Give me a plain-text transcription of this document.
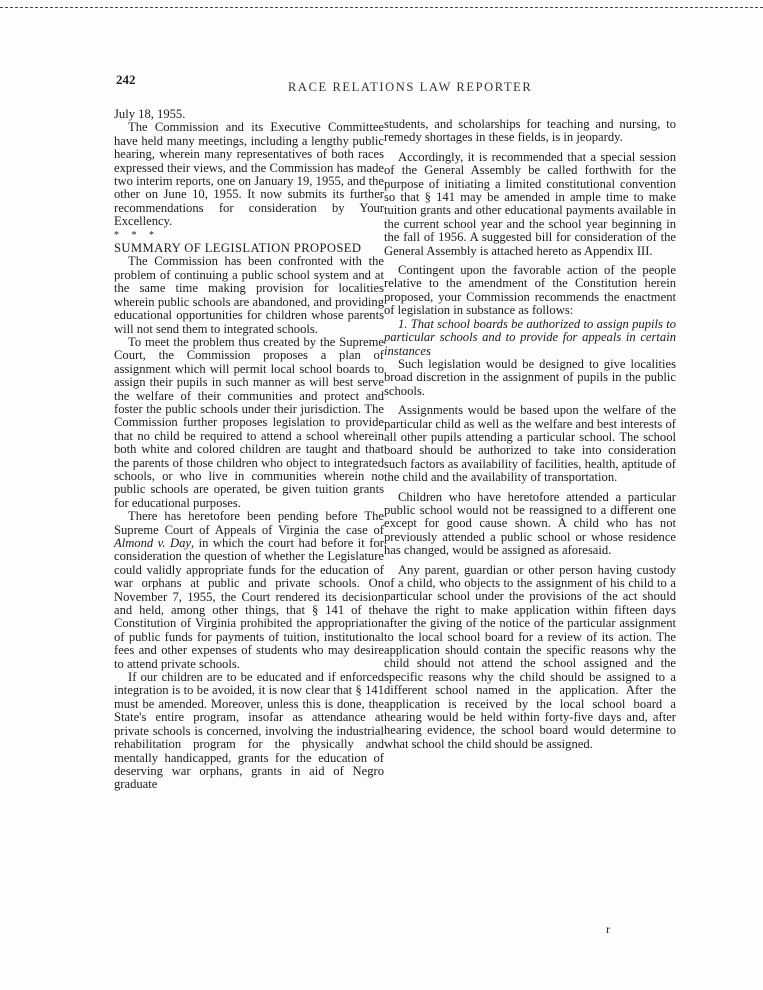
242	RACE RELATIONS LAW REPORTER

July 18, 1955.

The Commission and its Executive Committee have held many meetings, including a lengthy public hearing, wherein many representatives of both races expressed their views, and the Commission has made two interim reports, one on January 19, 1955, and the other on June 10, 1955. It now submits its further recommendations for consideration by Your Excellency.

* * *

SUMMARY OF LEGISLATION PROPOSED

The Commission has been confronted with the problem of continuing a public school system and at the same time making provision for localities wherein public schools are abandoned, and providing educational opportunities for children whose parents will not send them to integrated schools.

To meet the problem thus created by the Supreme Court, the Commission proposes a plan of assignment which will permit local school boards to assign their pupils in such manner as will best serve the welfare of their communities and protect and foster the public schools under their jurisdiction. The Commission further proposes legislation to provide that no child be required to attend a school wherein both white and colored children are taught and that the parents of those children who object to integrated schools, or who live in communities wherein no public schools are operated, be given tuition grants for educational purposes.

There has heretofore been pending before The Supreme Court of Appeals of Virginia the case of Almond v. Day, in which the court had before it for consideration the question of whether the Legislature could validly appropriate funds for the education of war orphans at public and private schools. On November 7, 1955, the Court rendered its decision and held, among other things, that § 141 of the Constitution of Virginia prohibited the appropriation of public funds for payments of tuition, institutional fees and other expenses of students who may desire to attend private schools.

If our children are to be educated and if enforced integration is to be avoided, it is now clear that § 141 must be amended. Moreover, unless this is done, the State's entire program, insofar as attendance at private schools is concerned, involving the industrial rehabilitation program for the physically and mentally handicapped, grants for the education of deserving war orphans, grants in aid of Negro graduate

students, and scholarships for teaching and nursing, to remedy shortages in these fields, is in jeopardy.

Accordingly, it is recommended that a special session of the General Assembly be called forthwith for the purpose of initiating a limited constitutional convention so that § 141 may be amended in ample time to make tuition grants and other educational payments available in the current school year and the school year beginning in the fall of 1956. A suggested bill for consideration of the General Assembly is attached hereto as Appendix III.

Contingent upon the favorable action of the people relative to the amendment of the Constitution herein proposed, your Commission recommends the enactment of legislation in substance as follows:

1. That school boards be authorized to assign pupils to particular schools and to provide for appeals in certain instances

Such legislation would be designed to give localities broad discretion in the assignment of pupils in the public schools.

Assignments would be based upon the welfare of the particular child as well as the welfare and best interests of all other pupils attending a particular school. The school board should be authorized to take into consideration such factors as availability of facilities, health, aptitude of the child and the availability of transportation.

Children who have heretofore attended a particular public school would not be reassigned to a different one except for good cause shown. A child who has not previously attended a public school or whose residence has changed, would be assigned as aforesaid.

Any parent, guardian or other person having custody of a child, who objects to the assignment of his child to a particular school under the provisions of the act should have the right to make application within fifteen days after the giving of the notice of the particular assignment to the local school board for a review of its action. The application should contain the specific reasons why the child should not attend the school assigned and the specific reasons why the child should be assigned to a different school named in the application. After the application is received by the local school board a hearing would be held within forty-five days and, after hearing evidence, the school board would determine to what school the child should be assigned.

r
